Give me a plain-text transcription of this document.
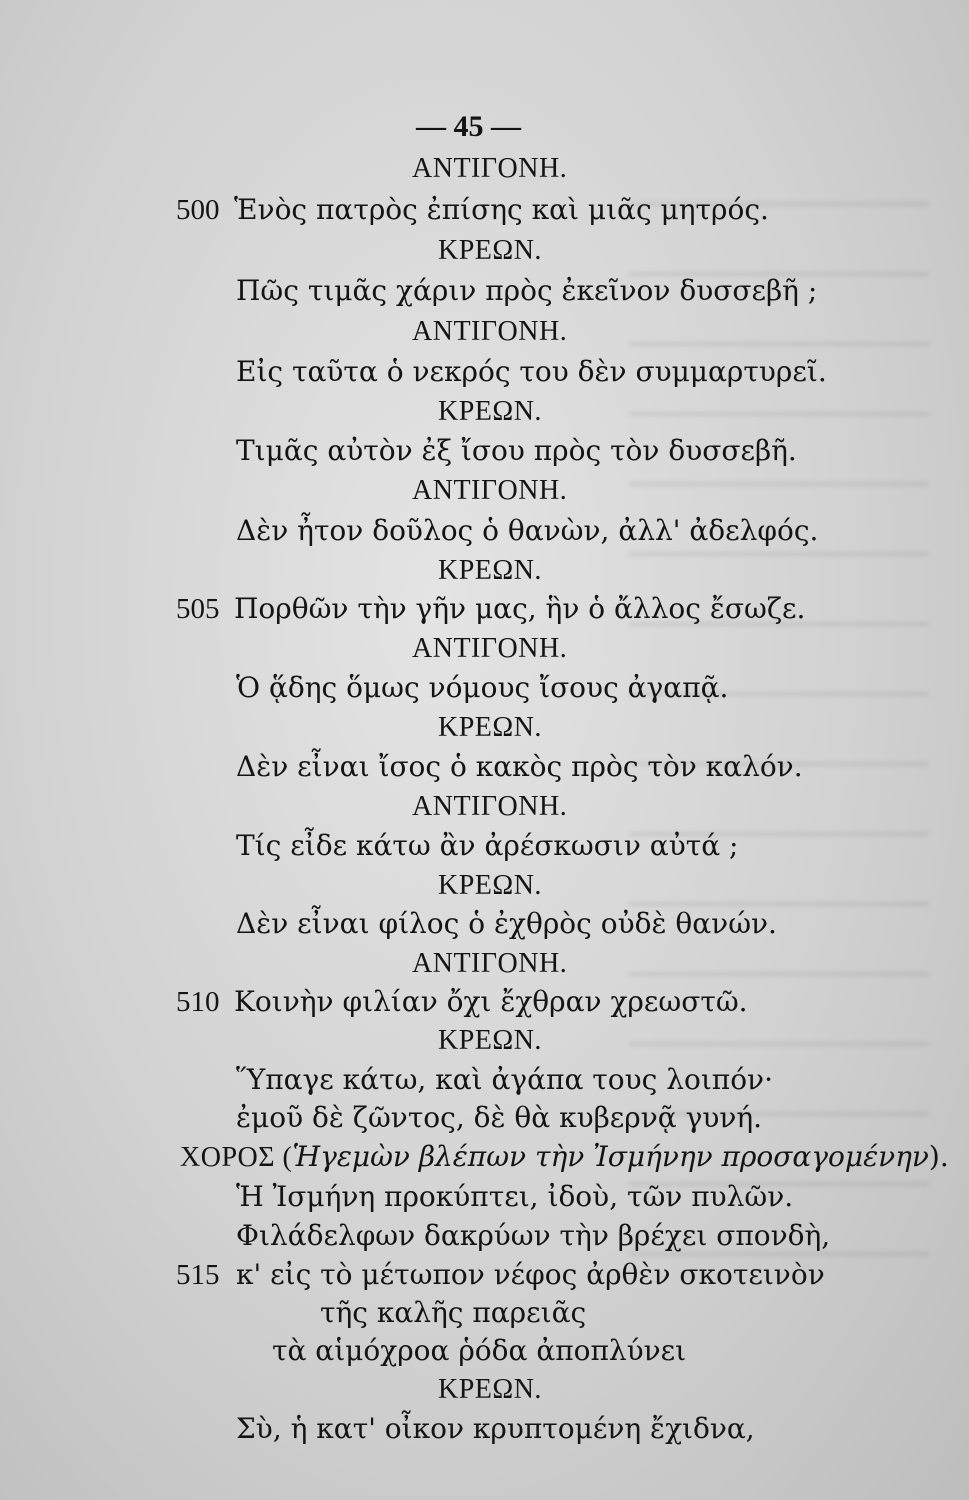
— 45 —
ΑΝΤΙΓΟΝΗ.
500 Ἑνὸς πατρὸς ἐπίσης καὶ μιᾶς μητρός.
ΚΡΕΩΝ.
Πῶς τιμᾶς χάριν πρὸς ἐκεῖνον δυσσεβῆ ;
ΑΝΤΙΓΟΝΗ.
Εἰς ταῦτα ὁ νεκρός του δὲν συμμαρτυρεῖ.
ΚΡΕΩΝ.
Τιμᾶς αὐτὸν ἐξ ἴσου πρὸς τὸν δυσσεβῆ.
ΑΝΤΙΓΟΝΗ.
Δὲν ἦτον δοῦλος ὁ θανὼν, ἀλλ' ἀδελφός.
ΚΡΕΩΝ.
505 Πορθῶν τὴν γῆν μας, ἣν ὁ ἄλλος ἔσωζε.
ΑΝΤΙΓΟΝΗ.
Ὁ ᾅδης ὅμως νόμους ἴσους ἀγαπᾷ.
ΚΡΕΩΝ.
Δὲν εἶναι ἴσος ὁ κακὸς πρὸς τὸν καλόν.
ΑΝΤΙΓΟΝΗ.
Τίς εἶδε κάτω ἂν ἀρέσκωσιν αὐτά ;
ΚΡΕΩΝ.
Δὲν εἶναι φίλος ὁ ἐχθρὸς οὐδὲ θανών.
ΑΝΤΙΓΟΝΗ.
510 Κοινὴν φιλίαν ὄχι ἔχθραν χρεωστῶ.
ΚΡΕΩΝ.
Ὕπαγε κάτω, καὶ ἀγάπα τους λοιπόν·
ἐμοῦ δὲ ζῶντος, δὲ θὰ κυβερνᾷ γυνή.
ΧΟΡΟΣ (Ἡγεμὼν βλέπων τὴν Ἰσμήνην προσαγομένην).
Ἡ Ἰσμήνη προκύπτει, ἰδοὺ, τῶν πυλῶν.
Φιλάδελφων δακρύων τὴν βρέχει σπονδὴ,
515 κ' εἰς τὸ μέτωπον νέφος ἀρθὲν σκοτεινὸν
τῆς καλῆς παρειᾶς
τὰ αἱμόχροα ῥόδα ἀποπλύνει
ΚΡΕΩΝ.
Σὺ, ἡ κατ' οἶκον κρυπτομένη ἔχιδνα,
